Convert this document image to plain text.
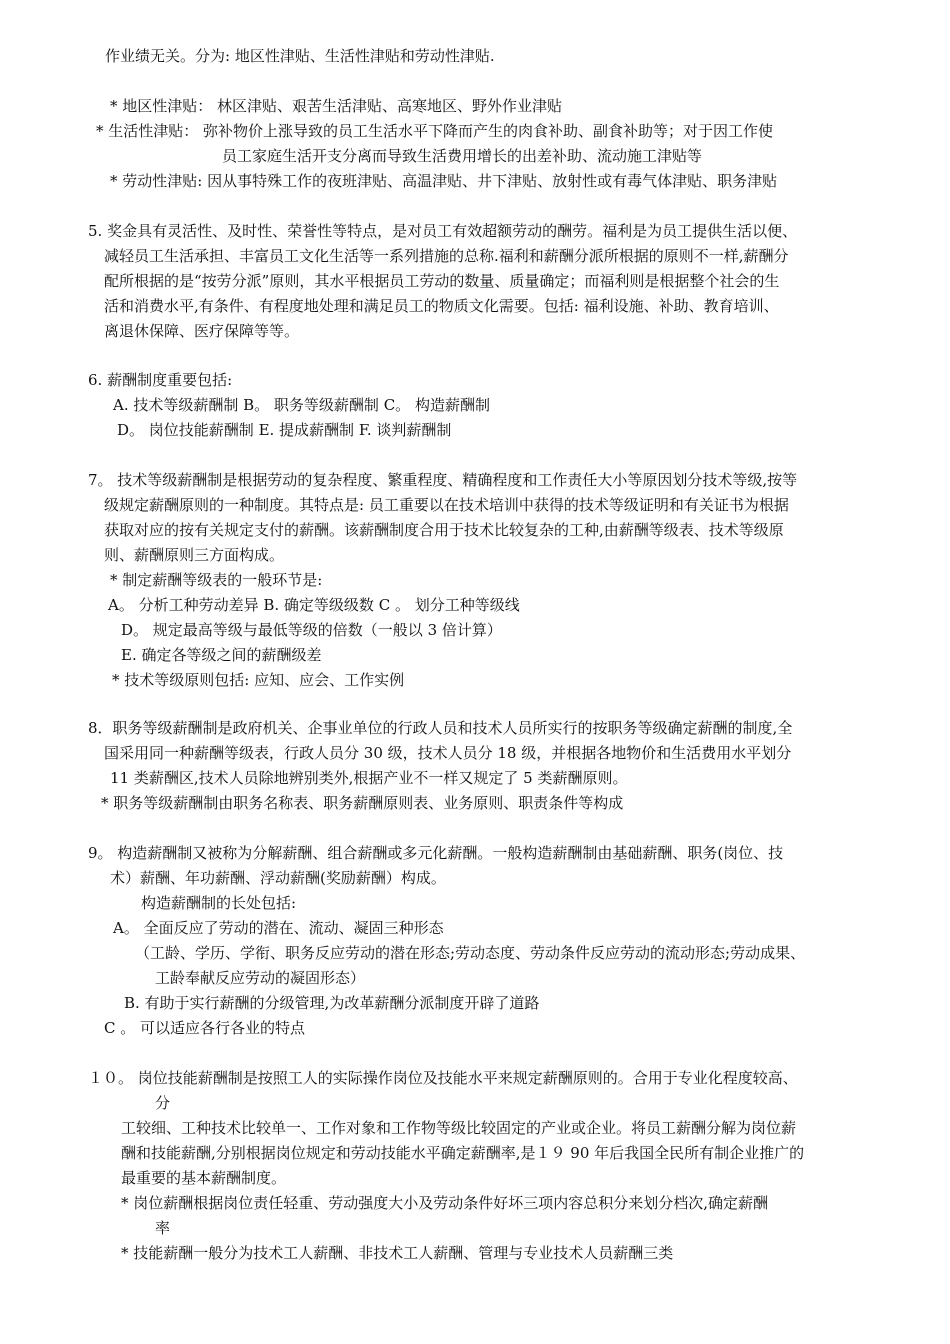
作业绩无关。分为: 地区性津贴、生活性津贴和劳动性津贴.
* 地区性津贴： 林区津贴、艰苦生活津贴、高寒地区、野外作业津贴
* 生活性津贴： 弥补物价上涨导致的员工生活水平下降而产生的肉食补助、副食补助等；对于因工作使
员工家庭生活开支分离而导致生活费用增长的出差补助、流动施工津贴等
* 劳动性津贴: 因从事特殊工作的夜班津贴、高温津贴、井下津贴、放射性或有毒气体津贴、职务津贴
5. 奖金具有灵活性、及时性、荣誉性等特点，是对员工有效超额劳动的酬劳。福利是为员工提供生活以便、
减轻员工生活承担、丰富员工文化生活等一系列措施的总称.福利和薪酬分派所根据的原则不一样,薪酬分
配所根据的是“按劳分派”原则，其水平根据员工劳动的数量、质量确定；而福利则是根据整个社会的生
活和消费水平,有条件、有程度地处理和满足员工的物质文化需要。包括: 福利设施、补助、教育培训、
离退休保障、医疗保障等等。
6. 薪酬制度重要包括:
A. 技术等级薪酬制 B。 职务等级薪酬制 C。 构造薪酬制
D。 岗位技能薪酬制 E. 提成薪酬制 F. 谈判薪酬制
7。 技术等级薪酬制是根据劳动的复杂程度、繁重程度、精确程度和工作责任大小等原因划分技术等级,按等
级规定薪酬原则的一种制度。其特点是: 员工重要以在技术培训中获得的技术等级证明和有关证书为根据
获取对应的按有关规定支付的薪酬。该薪酬制度合用于技术比较复杂的工种,由薪酬等级表、技术等级原
则、薪酬原则三方面构成。
* 制定薪酬等级表的一般环节是:
A。 分析工种劳动差异 B. 确定等级级数 C 。 划分工种等级线
D。 规定最高等级与最低等级的倍数（一般以 3 倍计算）
E. 确定各等级之间的薪酬级差
* 技术等级原则包括: 应知、应会、工作实例
8．职务等级薪酬制是政府机关、企事业单位的行政人员和技术人员所实行的按职务等级确定薪酬的制度,全
国采用同一种薪酬等级表，行政人员分 30 级，技术人员分 18 级，并根据各地物价和生活费用水平划分
11 类薪酬区,技术人员除地辨别类外,根据产业不一样又规定了 5 类薪酬原则。
* 职务等级薪酬制由职务名称表、职务薪酬原则表、业务原则、职责条件等构成
9。 构造薪酬制又被称为分解薪酬、组合薪酬或多元化薪酬。一般构造薪酬制由基础薪酬、职务(岗位、技
术）薪酬、年功薪酬、浮动薪酬(奖励薪酬）构成。
构造薪酬制的长处包括:
A。 全面反应了劳动的潜在、流动、凝固三种形态
（工龄、学历、学衔、职务反应劳动的潜在形态;劳动态度、劳动条件反应劳动的流动形态;劳动成果、
工龄奉献反应劳动的凝固形态）
B. 有助于实行薪酬的分级管理,为改革薪酬分派制度开辟了道路
C 。 可以适应各行各业的特点
１０。 岗位技能薪酬制是按照工人的实际操作岗位及技能水平来规定薪酬原则的。合用于专业化程度较高、
分
工较细、工种技术比较单一、工作对象和工作物等级比较固定的产业或企业。将员工薪酬分解为岗位薪
酬和技能薪酬,分别根据岗位规定和劳动技能水平确定薪酬率,是１９ 90 年后我国全民所有制企业推广的
最重要的基本薪酬制度。
* 岗位薪酬根据岗位责任轻重、劳动强度大小及劳动条件好坏三项内容总积分来划分档次,确定薪酬
率
* 技能薪酬一般分为技术工人薪酬、非技术工人薪酬、管理与专业技术人员薪酬三类
